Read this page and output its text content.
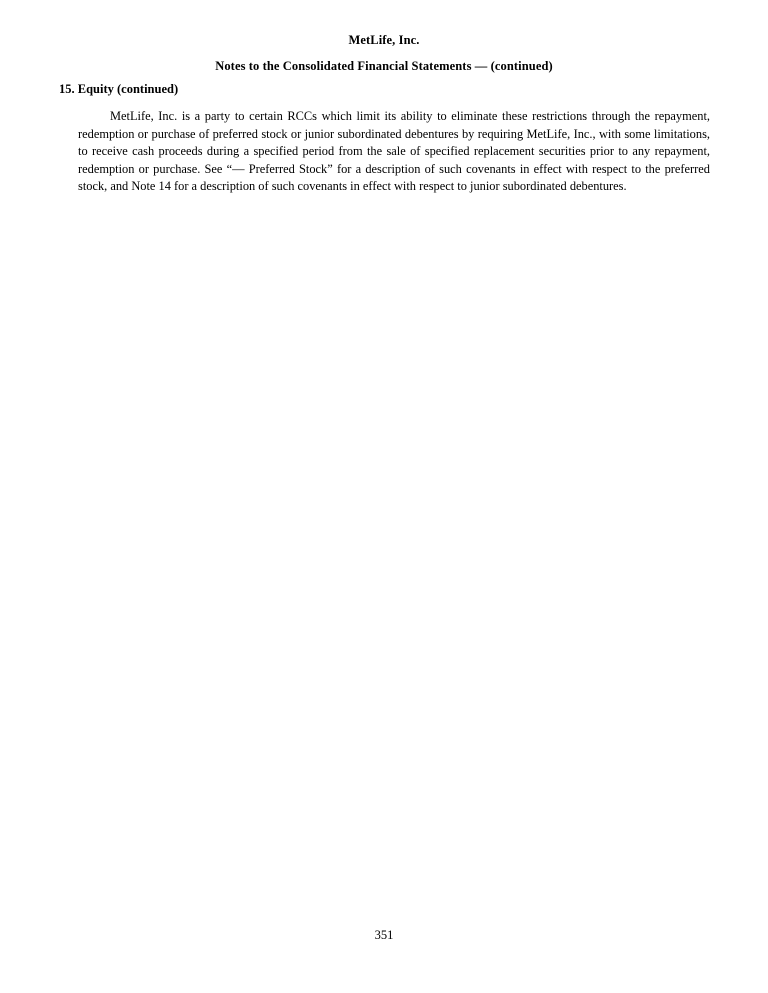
MetLife, Inc.
Notes to the Consolidated Financial Statements — (continued)
15. Equity (continued)
MetLife, Inc. is a party to certain RCCs which limit its ability to eliminate these restrictions through the repayment, redemption or purchase of preferred stock or junior subordinated debentures by requiring MetLife, Inc., with some limitations, to receive cash proceeds during a specified period from the sale of specified replacement securities prior to any repayment, redemption or purchase. See “— Preferred Stock” for a description of such covenants in effect with respect to the preferred stock, and Note 14 for a description of such covenants in effect with respect to junior subordinated debentures.
351
